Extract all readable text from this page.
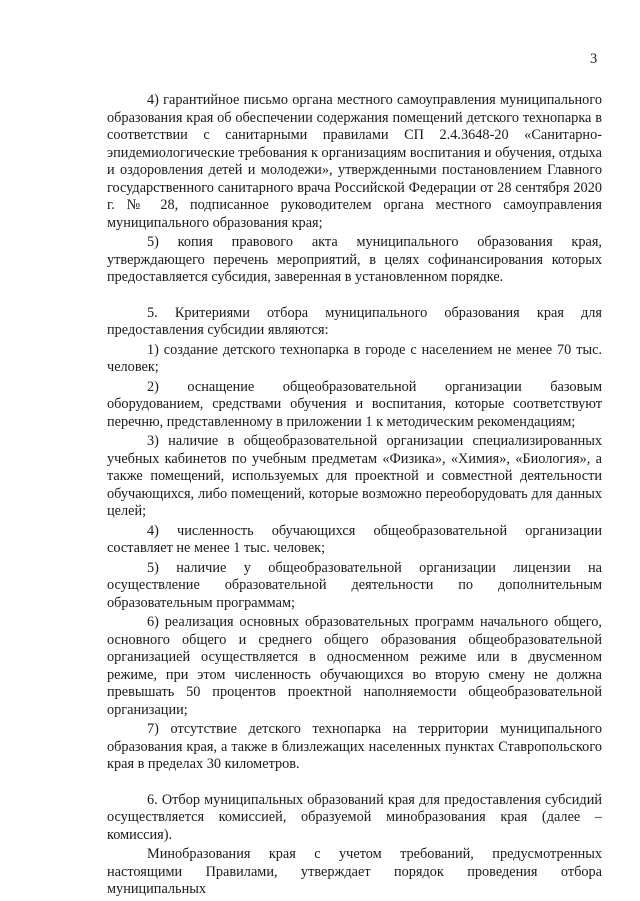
3

4) гарантийное письмо органа местного самоуправления муниципального образования края об обеспечении содержания помещений детского технопарка в соответствии с санитарными правилами СП 2.4.3648-20 «Санитарно-эпидемиологические требования к организациям воспитания и обучения, отдыха и оздоровления детей и молодежи», утвержденными постановлением Главного государственного санитарного врача Российской Федерации от 28 сентября 2020 г. № 28, подписанное руководителем органа местного самоуправления муниципального образования края;

5) копия правового акта муниципального образования края, утверждающего перечень мероприятий, в целях софинансирования которых предоставляется субсидия, заверенная в установленном порядке.

5. Критериями отбора муниципального образования края для предоставления субсидии являются:

1) создание детского технопарка в городе с населением не менее 70 тыс. человек;

2) оснащение общеобразовательной организации базовым оборудованием, средствами обучения и воспитания, которые соответствуют перечню, представленному в приложении 1 к методическим рекомендациям;

3) наличие в общеобразовательной организации специализированных учебных кабинетов по учебным предметам «Физика», «Химия», «Биология», а также помещений, используемых для проектной и совместной деятельности обучающихся, либо помещений, которые возможно переоборудовать для данных целей;

4) численность обучающихся общеобразовательной организации составляет не менее 1 тыс. человек;

5) наличие у общеобразовательной организации лицензии на осуществление образовательной деятельности по дополнительным образовательным программам;

6) реализация основных образовательных программ начального общего, основного общего и среднего общего образования общеобразовательной организацией осуществляется в односменном режиме или в двусменном режиме, при этом численность обучающихся во вторую смену не должна превышать 50 процентов проектной наполняемости общеобразовательной организации;

7) отсутствие детского технопарка на территории муниципального образования края, а также в близлежащих населенных пунктах Ставропольского края в пределах 30 километров.

6. Отбор муниципальных образований края для предоставления субсидий осуществляется комиссией, образуемой минобразования края (далее – комиссия).

Минобразования края с учетом требований, предусмотренных настоящими Правилами, утверждает порядок проведения отбора муниципальных
